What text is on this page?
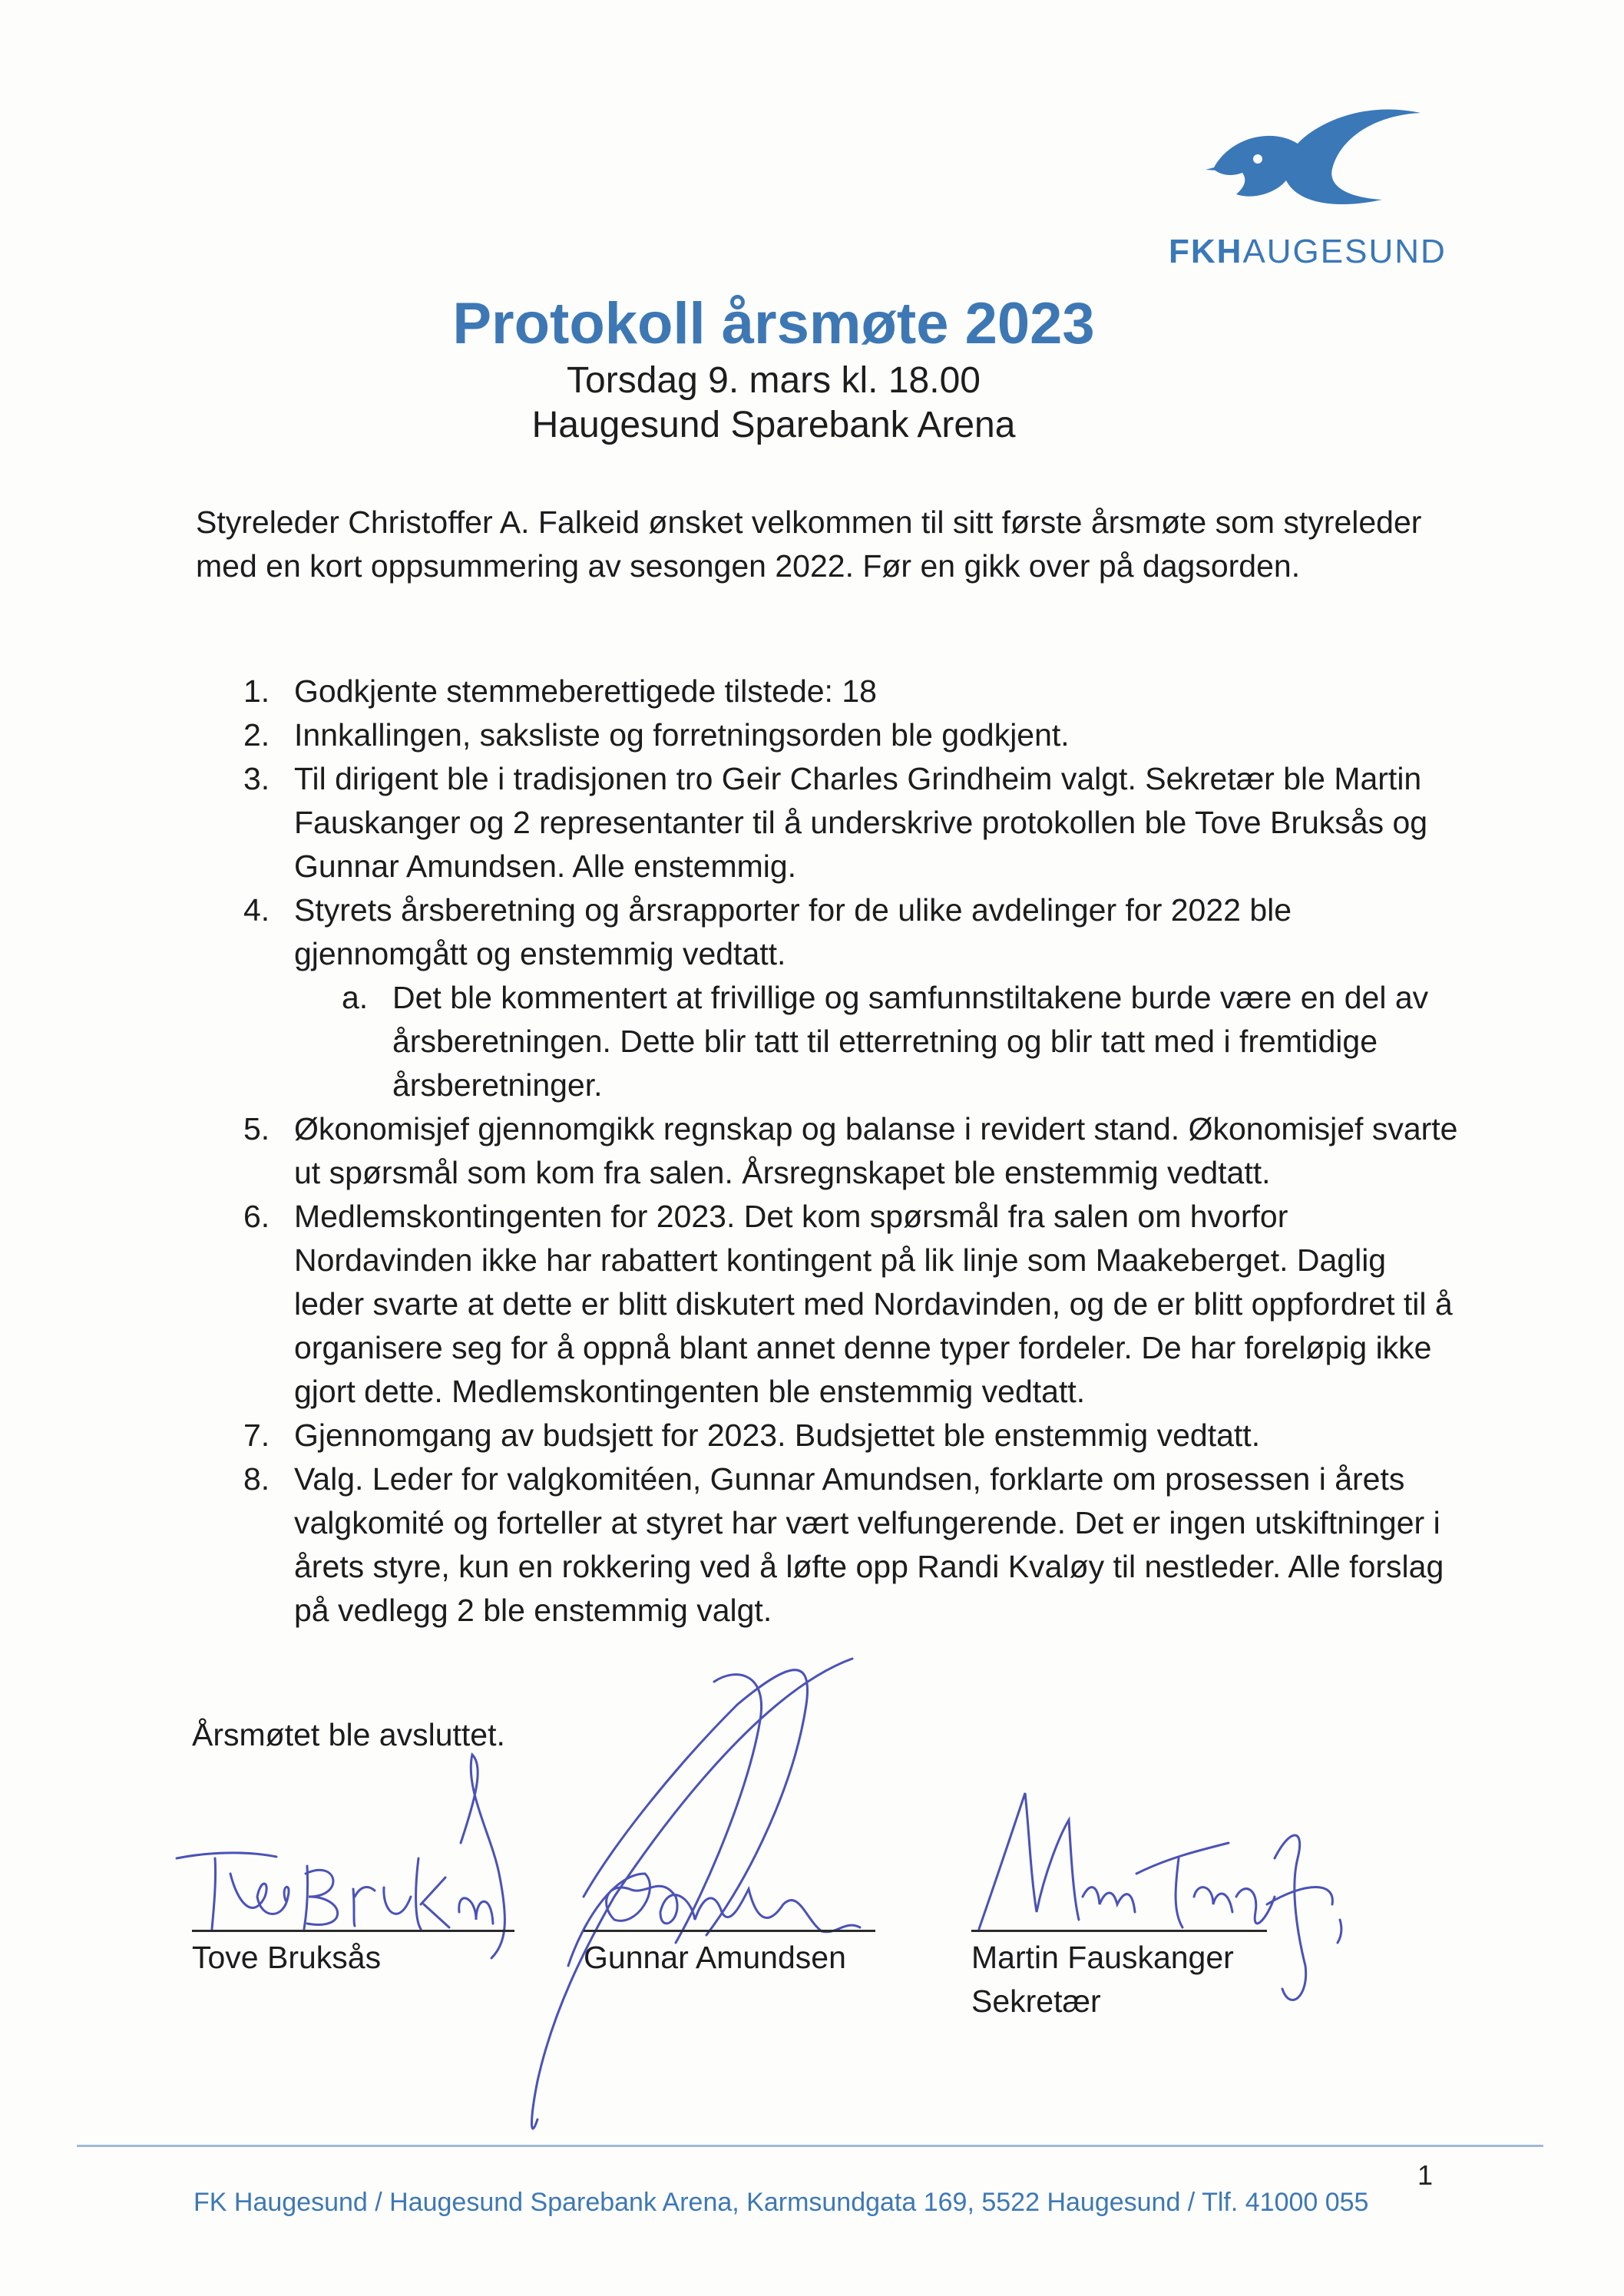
FKHAUGESUND
Protokoll årsmøte 2023
Torsdag 9. mars kl. 18.00
Haugesund Sparebank Arena
Styreleder Christoffer A. Falkeid ønsket velkommen til sitt første årsmøte som styreleder med en kort oppsummering av sesongen 2022. Før en gikk over på dagsorden.
1. Godkjente stemmeberettigede tilstede: 18
2. Innkallingen, saksliste og forretningsorden ble godkjent.
3. Til dirigent ble i tradisjonen tro Geir Charles Grindheim valgt. Sekretær ble Martin Fauskanger og 2 representanter til å underskrive protokollen ble Tove Bruksås og Gunnar Amundsen. Alle enstemmig.
4. Styrets årsberetning og årsrapporter for de ulike avdelinger for 2022 ble gjennomgått og enstemmig vedtatt.
a. Det ble kommentert at frivillige og samfunnstiltakene burde være en del av årsberetningen. Dette blir tatt til etterretning og blir tatt med i fremtidige årsberetninger.
5. Økonomisjef gjennomgikk regnskap og balanse i revidert stand. Økonomisjef svarte ut spørsmål som kom fra salen. Årsregnskapet ble enstemmig vedtatt.
6. Medlemskontingenten for 2023. Det kom spørsmål fra salen om hvorfor Nordavinden ikke har rabattert kontingent på lik linje som Maakeberget. Daglig leder svarte at dette er blitt diskutert med Nordavinden, og de er blitt oppfordret til å organisere seg for å oppnå blant annet denne typer fordeler. De har foreløpig ikke gjort dette. Medlemskontingenten ble enstemmig vedtatt.
7. Gjennomgang av budsjett for 2023. Budsjettet ble enstemmig vedtatt.
8. Valg. Leder for valgkomitéen, Gunnar Amundsen, forklarte om prosessen i årets valgkomité og forteller at styret har vært velfungerende. Det er ingen utskiftninger i årets styre, kun en rokkering ved å løfte opp Randi Kvaløy til nestleder. Alle forslag på vedlegg 2 ble enstemmig valgt.
Årsmøtet ble avsluttet.
Tove Bruksås	Gunnar Amundsen	Martin Fauskanger
Sekretær
1
FK Haugesund / Haugesund Sparebank Arena, Karmsundgata 169, 5522 Haugesund / Tlf. 41000 055
